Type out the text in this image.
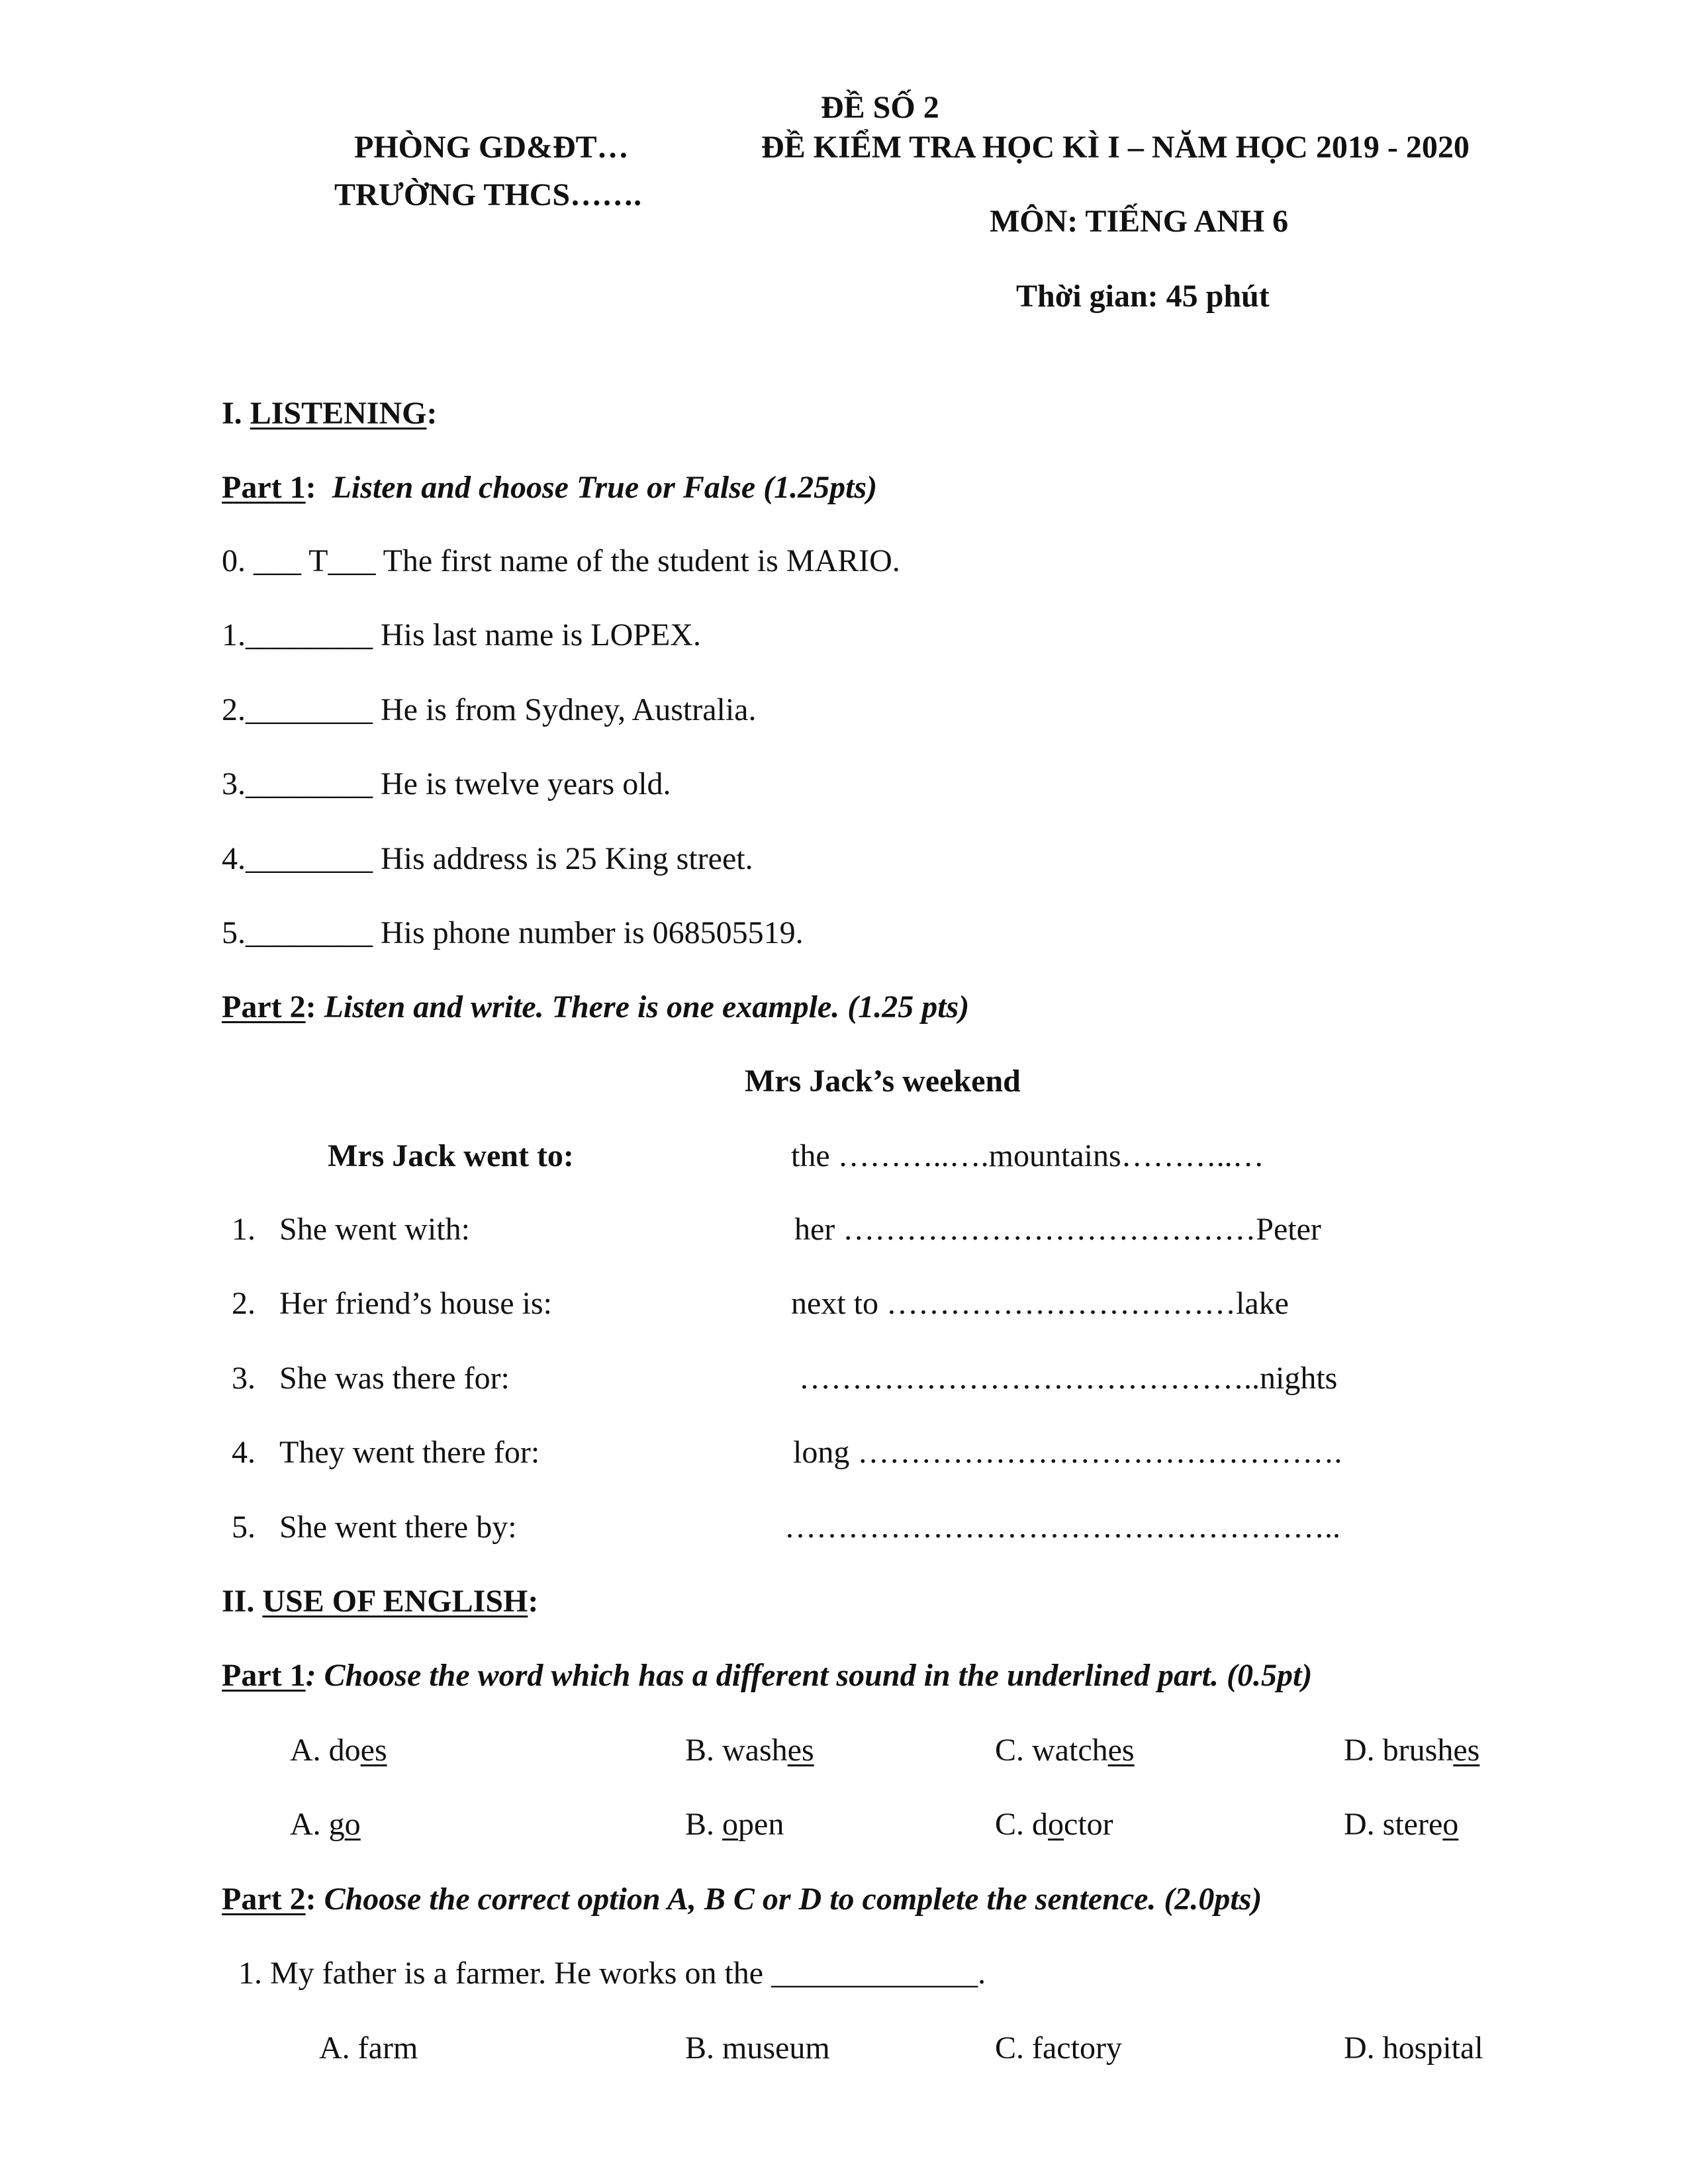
ĐỀ SỐ 2
PHÒNG GD&ĐT…	ĐỀ KIỂM TRA HỌC KÌ I – NĂM HỌC 2019 - 2020
TRƯỜNG THCS…….
MÔN: TIẾNG ANH 6
Thời gian: 45 phút
I. LISTENING:
Part 1:  Listen and choose True or False (1.25pts)
0. ___ T___ The first name of the student is MARIO.
1.________ His last name is LOPEX.
2.________ He is from Sydney, Australia.
3.________ He is twelve years old.
4.________ His address is 25 King street.
5.________ His phone number is 068505519.
Part 2: Listen and write. There is one example. (1.25 pts)
Mrs Jack’s weekend
Mrs Jack went to:	the ………..….mountains………..…
1. She went with:	her …………………………………Peter
2. Her friend’s house is:	next to ……………………………lake
3. She was there for:	……………………………………..nights
4. They went there for:	long ……………………………………….
5. She went there by:	……………………………………………..
II. USE OF ENGLISH:
Part 1: Choose the word which has a different sound in the underlined part. (0.5pt)
A. does	B. washes	C. watches	D. brushes
A. go	B. open	C. doctor	D. stereo
Part 2: Choose the correct option A, B C or D to complete the sentence. (2.0pts)
1. My father is a farmer. He works on the _____________.
A. farm	B. museum	C. factory	D. hospital
